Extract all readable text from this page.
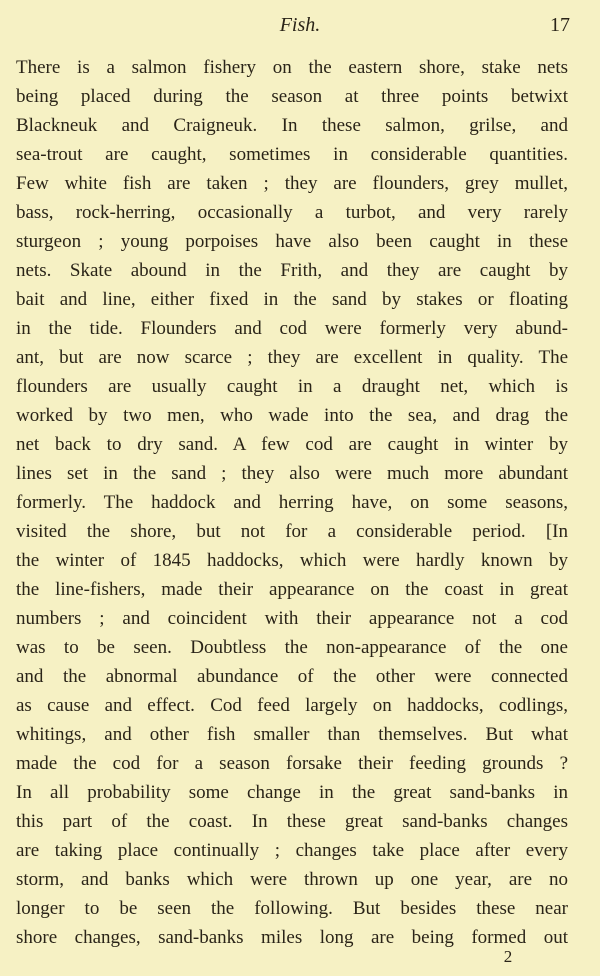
Fish.	17
There is a salmon fishery on the eastern shore, stake nets
being placed during the season at three points betwixt
Blackneuk and Craigneuk. In these salmon, grilse, and
sea-trout are caught, sometimes in considerable quantities.
Few white fish are taken ; they are flounders, grey mullet,
bass, rock-herring, occasionally a turbot, and very rarely
sturgeon ; young porpoises have also been caught in these
nets. Skate abound in the Frith, and they are caught by
bait and line, either fixed in the sand by stakes or floating
in the tide. Flounders and cod were formerly very abund-
ant, but are now scarce ; they are excellent in quality. The
flounders are usually caught in a draught net, which is
worked by two men, who wade into the sea, and drag the
net back to dry sand. A few cod are caught in winter by
lines set in the sand ; they also were much more abundant
formerly. The haddock and herring have, on some seasons,
visited the shore, but not for a considerable period. [In
the winter of 1845 haddocks, which were hardly known by
the line-fishers, made their appearance on the coast in great
numbers ; and coincident with their appearance not a cod
was to be seen. Doubtless the non-appearance of the one
and the abnormal abundance of the other were connected
as cause and effect. Cod feed largely on haddocks, codlings,
whitings, and other fish smaller than themselves. But what
made the cod for a season forsake their feeding grounds ?
In all probability some change in the great sand-banks in
this part of the coast. In these great sand-banks changes
are taking place continually ; changes take place after every
storm, and banks which were thrown up one year, are no
longer to be seen the following. But besides these near
shore changes, sand-banks miles long are being formed out
2
